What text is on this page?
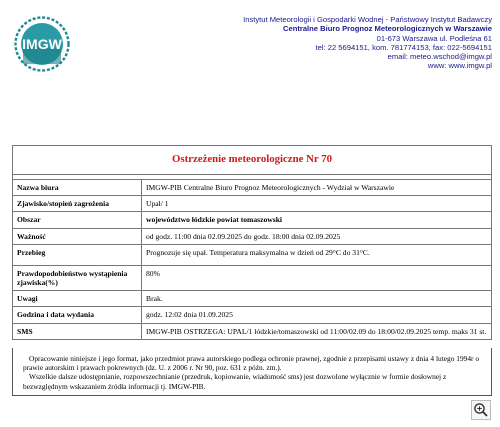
IMGW
Instytut Meteorologii i Gospodarki Wodnej - Państwowy Instytut Badawczy
Centralne Biuro Prognoz Meteorologicznych w Warszawie
01-673 Warszawa ul. Podleśna 61
tel: 22 5694151, kom. 781774153, fax: 022-5694151
email: meteo.wschod@imgw.pl
www: www.imgw.pl
Ostrzeżenie meteorologiczne Nr 70	

Nazwa biura	IMGW-PIB Centralne Biuro Prognoz Meteorologicznych - Wydział w Warszawie
Zjawisko/stopień zagrożenia	Upał/ 1
Obszar	województwo łódzkie powiat tomaszowski
Ważność	od godz. 11:00 dnia 02.09.2025 do godz. 18:00 dnia 02.09.2025
Przebieg	Prognozuje się upał. Temperatura maksymalna w dzień od 29°C do 31°C.
Prawdopodobieństwo wystąpienia zjawiska(%)	80%
Uwagi	Brak.
Godzina i data wydania	godz. 12:02 dnia 01.09.2025
SMS	IMGW-PIB OSTRZEGA: UPAL/1 łódzkie/tomaszowski od 11:00/02.09 do 18:00/02.09.2025 temp. maks 31 st.

Opracowanie niniejsze i jego format, jako przedmiot prawa autorskiego podlega ochronie prawnej, zgodnie z przepisami ustawy z dnia 4 lutego 1994r o prawie autorskim i prawach pokrewnych (dz. U. z 2006 r. Nr 90, poz. 631 z późn. zm.).

Wszelkie dalsze udostępnianie, rozpowszechnianie (przedruk, kopiowanie, wiadomość sms) jest dozwolone wyłącznie w formie dosłownej z bezwzględnym wskazaniem źródła informacji tj. IMGW-PIB.
